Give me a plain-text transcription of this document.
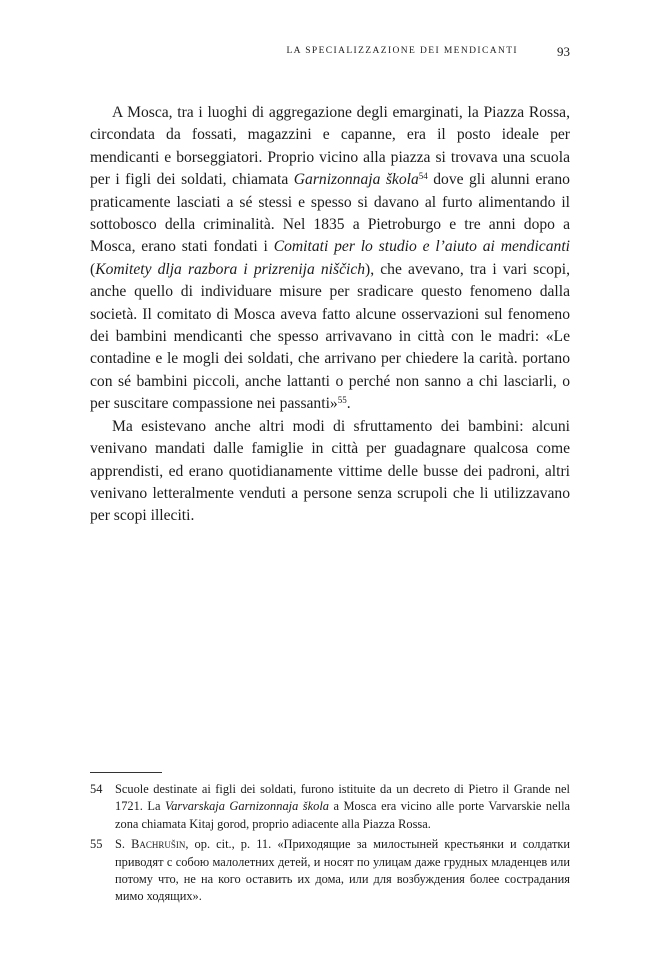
LA SPECIALIZZAZIONE DEI MENDICANTI	93

A Mosca, tra i luoghi di aggregazione degli emarginati, la Piazza Rossa, circondata da fossati, magazzini e capanne, era il posto ideale per mendicanti e borseggiatori. Proprio vicino alla piazza si trovava una scuola per i figli dei soldati, chiamata Garnizonnaja škola$^{54}$ dove gli alunni erano praticamente lasciati a sé stessi e spesso si davano al furto alimentando il sottobosco della criminalità. Nel 1835 a Pietroburgo e tre anni dopo a Mosca, erano stati fondati i Comitati per lo studio e l’aiuto ai mendicanti (Komitety dlja razbora i prizrenija niščich), che avevano, tra i vari scopi, anche quello di individuare misure per sradicare questo fenomeno dalla società. Il comitato di Mosca aveva fatto alcune osservazioni sul fenomeno dei bambini mendicanti che spesso arrivavano in città con le madri: «Le contadine e le mogli dei soldati, che arrivano per chiedere la carità. portano con sé bambini piccoli, anche lattanti o perché non sanno a chi lasciarli, o per suscitare compassione nei passanti»$^{55}$.

Ma esistevano anche altri modi di sfruttamento dei bambini: alcuni venivano mandati dalle famiglie in città per guadagnare qualcosa come apprendisti, ed erano quotidianamente vittime delle busse dei padroni, altri venivano letteralmente venduti a persone senza scrupoli che li utilizzavano per scopi illeciti.

54 Scuole destinate ai figli dei soldati, furono istituite da un decreto di Pietro il Grande nel 1721. La Varvarskaja Garnizonnaja škola a Mosca era vicino alle porte Varvarskie nella zona chiamata Kitaj gorod, proprio adiacente alla Piazza Rossa.
55 S. Bachrušin, op. cit., p. 11. «Приходящие за милостыней крестьянки и солдатки приводят с собою малолетних детей, и носят по улицам даже грудных младенцев или потому что, не на кого оставить их дома, или для возбуждения более сострадания мимо ходящих».
